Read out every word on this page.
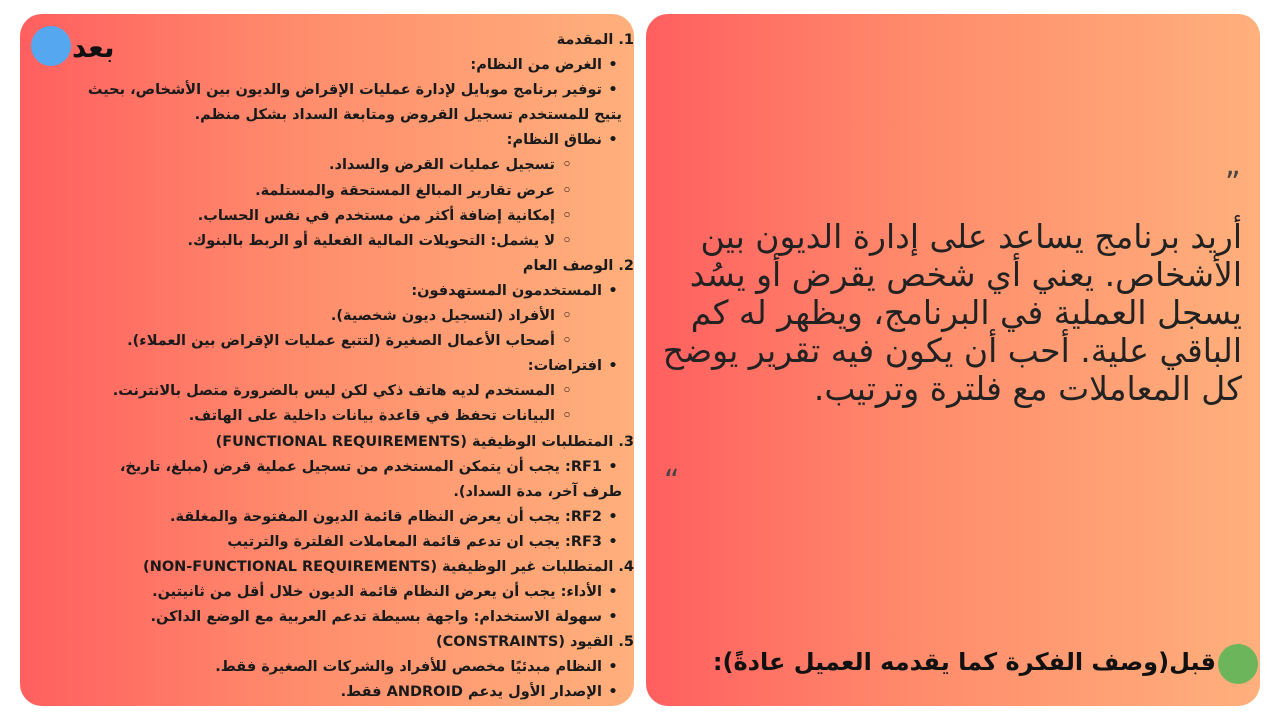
بعد	1. المقدمة
• الغرض من النظام:
• توفير برنامج موبايل لإدارة عمليات الإقراض والديون بين الأشخاص، بحيث
يتيح للمستخدم تسجيل القروض ومتابعة السداد بشكل منظم.
• نطاق النظام:
◦ تسجيل عمليات القرض والسداد.
◦ عرض تقارير المبالغ المستحقة والمستلمة.
◦ إمكانية إضافة أكثر من مستخدم في نفس الحساب.
◦ لا يشمل: التحويلات المالية الفعلية أو الربط بالبنوك.
2. الوصف العام
• المستخدمون المستهدفون:
◦ الأفراد (لتسجيل ديون شخصية).
◦ أصحاب الأعمال الصغيرة (لتتبع عمليات الإقراض بين العملاء).
• افتراضات:
◦ المستخدم لديه هاتف ذكي لكن ليس بالضرورة متصل بالانترنت.
◦ البيانات تحفظ في قاعدة بيانات داخلية على الهاتف.
3. المتطلبات الوظيفية (FUNCTIONAL REQUIREMENTS)
• RF1: يجب أن يتمكن المستخدم من تسجيل عملية قرض (مبلغ، تاريخ،
طرف آخر، مدة السداد).
• RF2: يجب أن يعرض النظام قائمة الديون المفتوحة والمغلقة.
• RF3: يجب ان تدعم قائمة المعاملات الفلترة والترتيب
4. المتطلبات غير الوظيفية (NON-FUNCTIONAL REQUIREMENTS)
• الأداء: يجب أن يعرض النظام قائمة الديون خلال أقل من ثانيتين.
• سهولة الاستخدام: واجهة بسيطة تدعم العربية مع الوضع الداكن.
5. القيود (CONSTRAINTS)
• النظام مبدئيًا مخصص للأفراد والشركات الصغيرة فقط.
• الإصدار الأول يدعم ANDROID فقط.

”

أريد برنامج يساعد على إدارة الديون بين الأشخاص. يعني أي شخص يقرض أو يسُد يسجل العملية في البرنامج، ويظهر له كم الباقي علية. أحب أن يكون فيه تقرير يوضح كل المعاملات مع فلترة وترتيب.

“

قبل(وصف الفكرة كما يقدمه العميل عادةً):
